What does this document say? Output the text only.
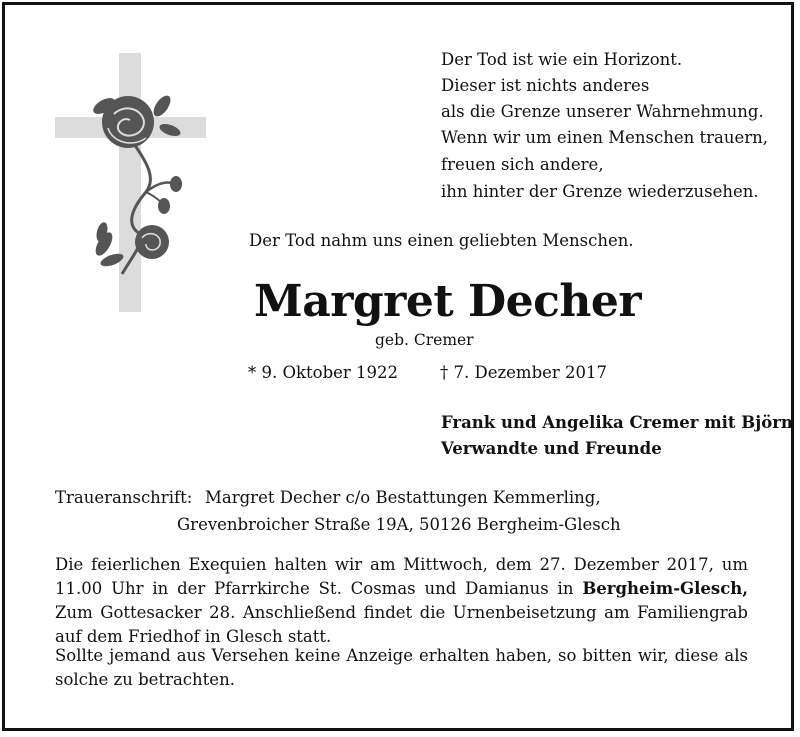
Der Tod ist wie ein Horizont.
Dieser ist nichts anderes
als die Grenze unserer Wahrnehmung.
Wenn wir um einen Menschen trauern,
freuen sich andere,
ihn hinter der Grenze wiederzusehen.
Der Tod nahm uns einen geliebten Menschen.
Margret Decher
geb. Cremer
* 9. Oktober 1922	† 7. Dezember 2017
Frank und Angelika Cremer mit Björn
Verwandte und Freunde
Traueranschrift: Margret Decher c/o Bestattungen Kemmerling,
Grevenbroicher Straße 19A, 50126 Bergheim-Glesch
Die feierlichen Exequien halten wir am Mittwoch, dem 27. Dezember 2017, um 11.00 Uhr in der Pfarrkirche St. Cosmas und Damianus in Bergheim-Glesch, Zum Gottesacker 28. Anschließend findet die Urnenbeisetzung am Familiengrab auf dem Friedhof in Glesch statt.
Sollte jemand aus Versehen keine Anzeige erhalten haben, so bitten wir, diese als solche zu betrachten.
